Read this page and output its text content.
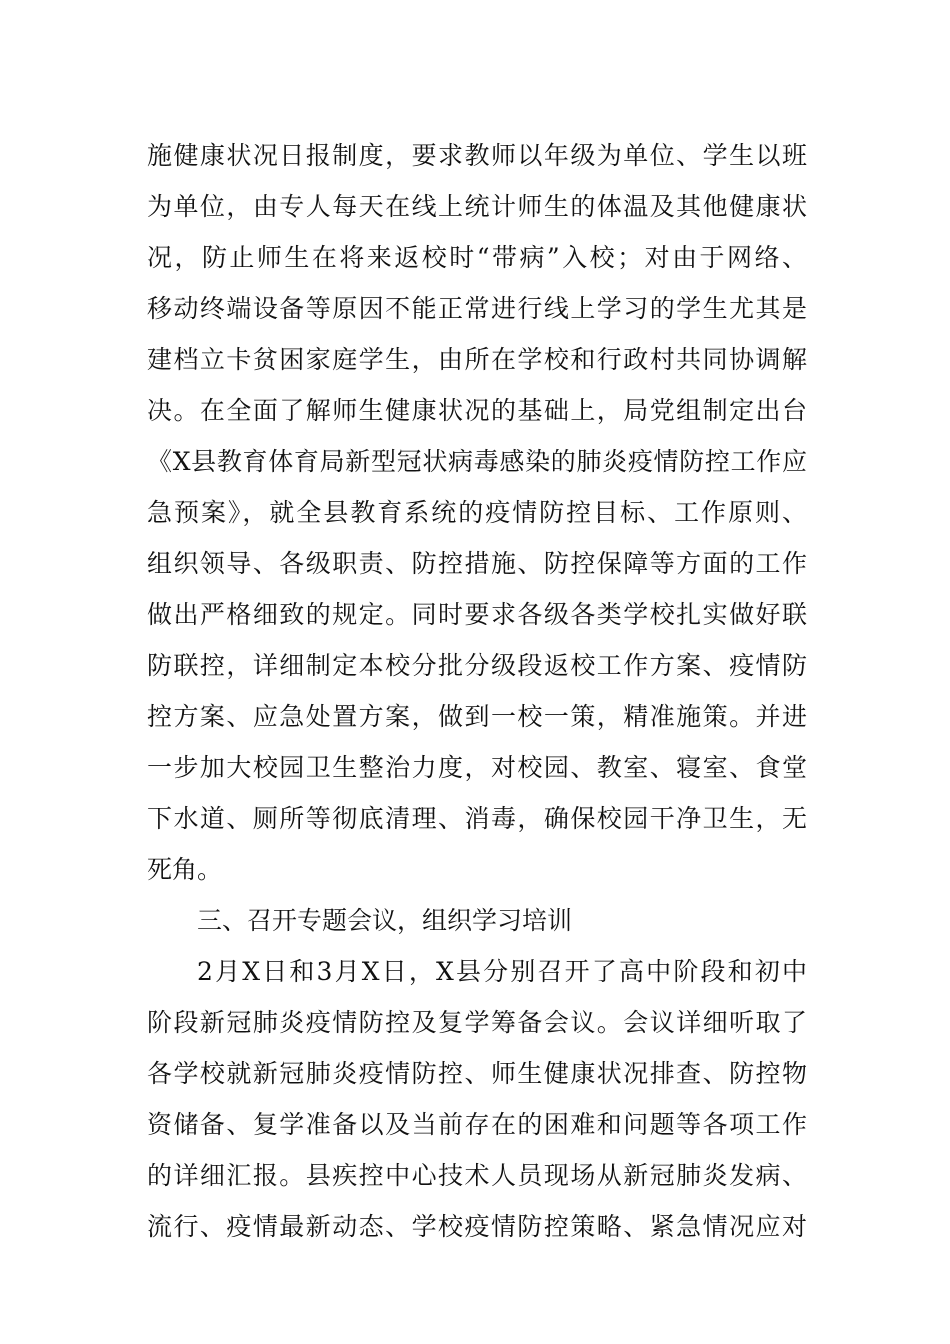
施健康状况日报制度，要求教师以年级为单位、学生以班
为单位，由专人每天在线上统计师生的体温及其他健康状
况，防止师生在将来返校时“带病”入校；对由于网络、
移动终端设备等原因不能正常进行线上学习的学生尤其是
建档立卡贫困家庭学生，由所在学校和行政村共同协调解
决。在全面了解师生健康状况的基础上，局党组制定出台
《X县教育体育局新型冠状病毒感染的肺炎疫情防控工作应
急预案》，就全县教育系统的疫情防控目标、工作原则、
组织领导、各级职责、防控措施、防控保障等方面的工作
做出严格细致的规定。同时要求各级各类学校扎实做好联
防联控，详细制定本校分批分级段返校工作方案、疫情防
控方案、应急处置方案，做到一校一策，精准施策。并进
一步加大校园卫生整治力度，对校园、教室、寝室、食堂
下水道、厕所等彻底清理、消毒，确保校园干净卫生，无
死角。
三、召开专题会议，组织学习培训
2月X日和3月X日，X县分别召开了高中阶段和初中
阶段新冠肺炎疫情防控及复学筹备会议。会议详细听取了
各学校就新冠肺炎疫情防控、师生健康状况排查、防控物
资储备、复学准备以及当前存在的困难和问题等各项工作
的详细汇报。县疾控中心技术人员现场从新冠肺炎发病、
流行、疫情最新动态、学校疫情防控策略、紧急情况应对
